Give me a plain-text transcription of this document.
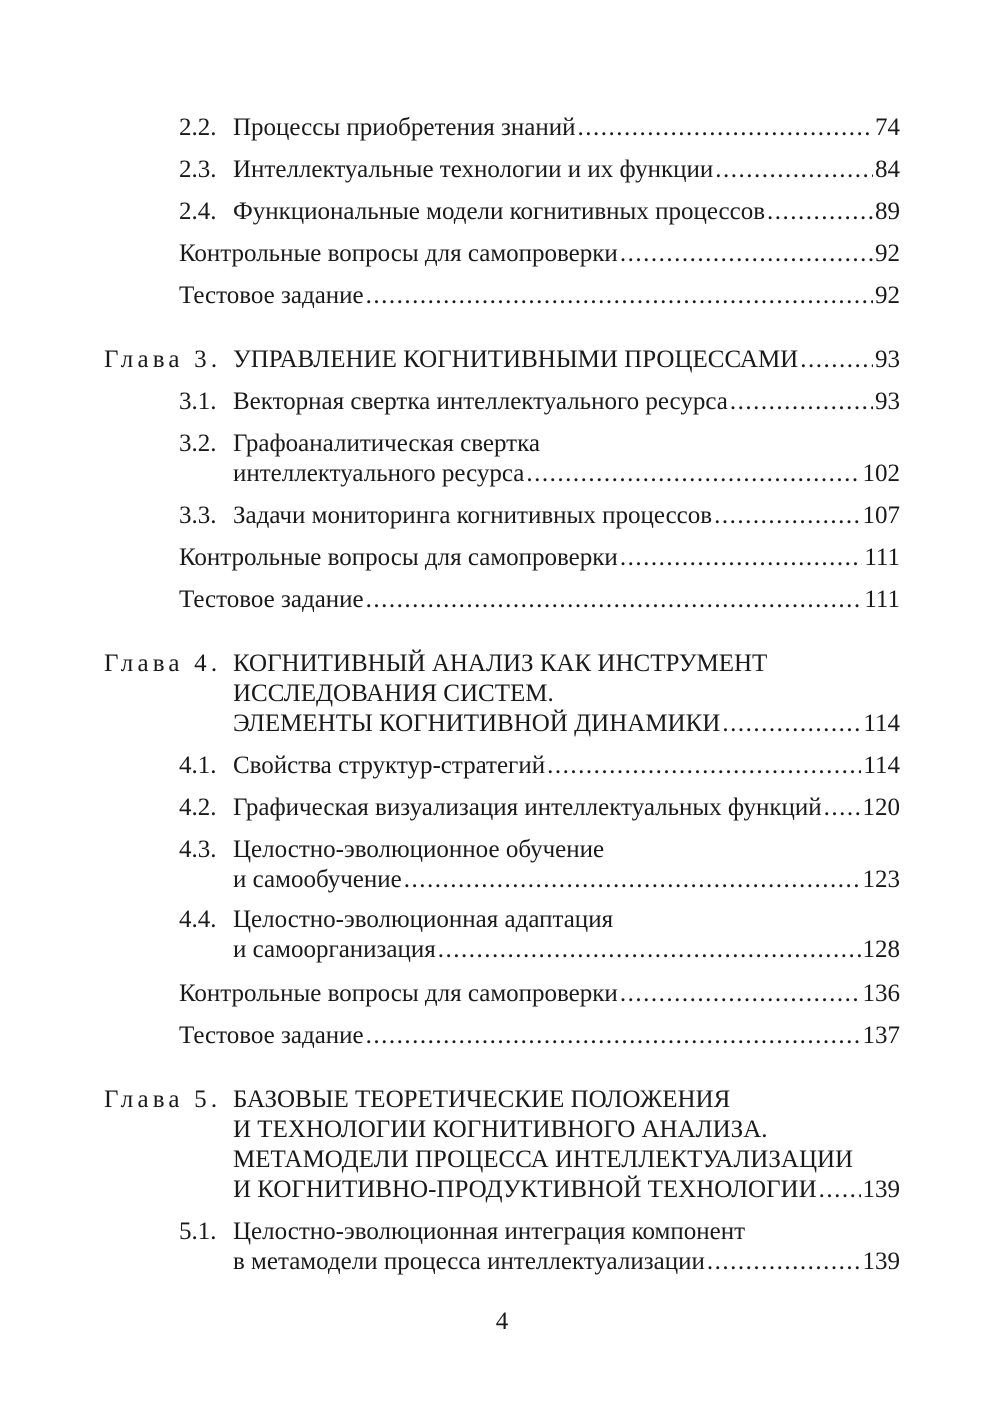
2.2. Процессы приобретения знаний .....	74
2.3. Интеллектуальные технологии и их функции .....	84
2.4. Функциональные модели когнитивных процессов .....	89
Контрольные вопросы для самопроверки .....	92
Тестовое задание .....	92
Глава 3. УПРАВЛЕНИЕ КОГНИТИВНЫМИ ПРОЦЕССАМИ .....	93
3.1. Векторная свертка интеллектуального ресурса .....	93
3.2. Графоаналитическая свертка
интеллектуального ресурса .....	102
3.3. Задачи мониторинга когнитивных процессов .....	107
Контрольные вопросы для самопроверки .....	111
Тестовое задание .....	111
Глава 4. КОГНИТИВНЫЙ АНАЛИЗ КАК ИНСТРУМЕНТ
ИССЛЕДОВАНИЯ СИСТЕМ.
ЭЛЕМЕНТЫ КОГНИТИВНОЙ ДИНАМИКИ .....	114
4.1. Свойства структур-стратегий .....	114
4.2. Графическая визуализация интеллектуальных функций ..... 120
4.3. Целостно-эволюционное обучение
и самообучение .....	123
4.4. Целостно-эволюционная адаптация
и самоорганизация .....	128
Контрольные вопросы для самопроверки .....	136
Тестовое задание .....	137
Глава 5. БАЗОВЫЕ ТЕОРЕТИЧЕСКИЕ ПОЛОЖЕНИЯ
И ТЕХНОЛОГИИ КОГНИТИВНОГО АНАЛИЗА.
МЕТАМОДЕЛИ ПРОЦЕССА ИНТЕЛЛЕКТУАЛИЗАЦИИ
И КОГНИТИВНО-ПРОДУКТИВНОЙ ТЕХНОЛОГИИ ..... 139
5.1. Целостно-эволюционная интеграция компонент
в метамодели процесса интеллектуализации .....	139
4
